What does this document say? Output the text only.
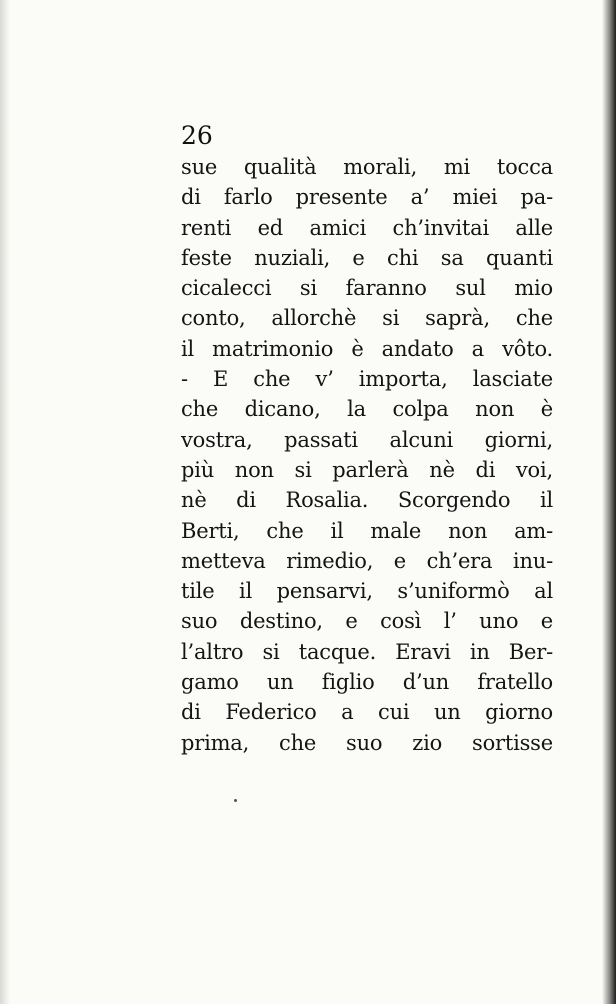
26

sue qualità morali, mi tocca
di farlo presente a’ miei pa-
renti ed amici ch’invitai alle
feste nuziali, e chi sa quanti
cicalecci si faranno sul mio
conto, allorchè si saprà, che
il matrimonio è andato a vôto.
- E che v’ importa, lasciate
che dicano, la colpa non è
vostra, passati alcuni giorni,
più non si parlerà nè di voi,
nè di Rosalia. Scorgendo il
Berti, che il male non am-
metteva rimedio, e ch’era inu-
tile il pensarvi, s’uniformò al
suo destino, e così l’ uno e
l’altro si tacque. Eravi in Ber-
gamo un figlio d’un fratello
di Federico a cui un giorno
prima, che suo zio sortisse
